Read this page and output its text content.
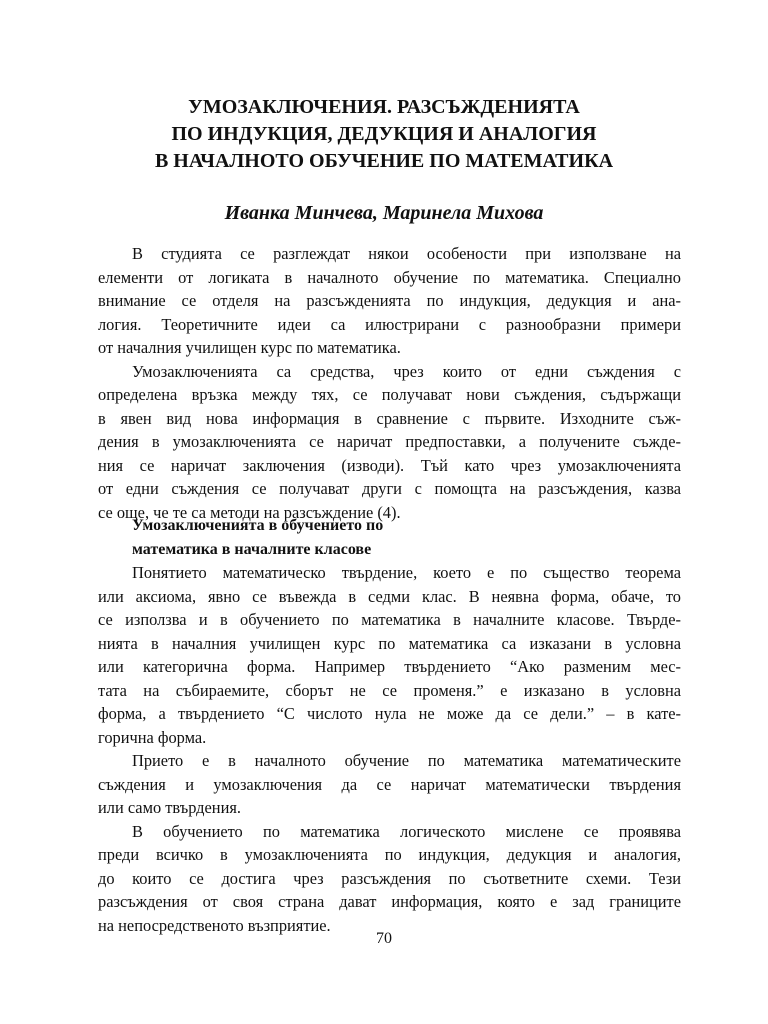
УМОЗАКЛЮЧЕНИЯ. РАЗСЪЖДЕНИЯТА
ПО ИНДУКЦИЯ, ДЕДУКЦИЯ И АНАЛОГИЯ
В НАЧАЛНОТО ОБУЧЕНИЕ ПО МАТЕМАТИКА

Иванка Минчева, Маринела Михова

В студията се разглеждат някои особености при използване на
елементи от логиката в началното обучение по математика. Специално
внимание се отделя на разсъжденията по индукция, дедукция и ана-
логия. Теоретичните идеи са илюстрирани с разнообразни примери
от началния училищен курс по математика.
Умозаключенията са средства, чрез които от едни съждения с
определена връзка между тях, се получават нови съждения, съдържащи
в явен вид нова информация в сравнение с първите. Изходните съж-
дения в умозаключенията се наричат предпоставки, а получените съжде-
ния се наричат заключения (изводи). Тъй като чрез умозаключенията
от едни съждения се получават други с помощта на разсъждения, казва
се още, че те са методи на разсъждение (4).
Умозаключенията в обучението по
математика в началните класове
Понятието математическо твърдение, което е по същество теорема
или аксиома, явно се въвежда в седми клас. В неявна форма, обаче, то
се използва и в обучението по математика в началните класове. Твърде-
нията в началния училищен курс по математика са изказани в условна
или категорична форма. Например твърдението “Ако разменим мес-
тата на събираемите, сборът не се променя.” е изказано в условна
форма, а твърдението “С числото нула не може да се дели.” – в кате-
горична форма.
Прието е в началното обучение по математика математическите
съждения и умозаключения да се наричат математически твърдения
или само твърдения.
В обучението по математика логическото мислене се проявява
преди всичко в умозаключенията по индукция, дедукция и аналогия,
до които се достига чрез разсъждения по съответните схеми. Тези
разсъждения от своя страна дават информация, която е зад границите
на непосредственото възприятие.
70
